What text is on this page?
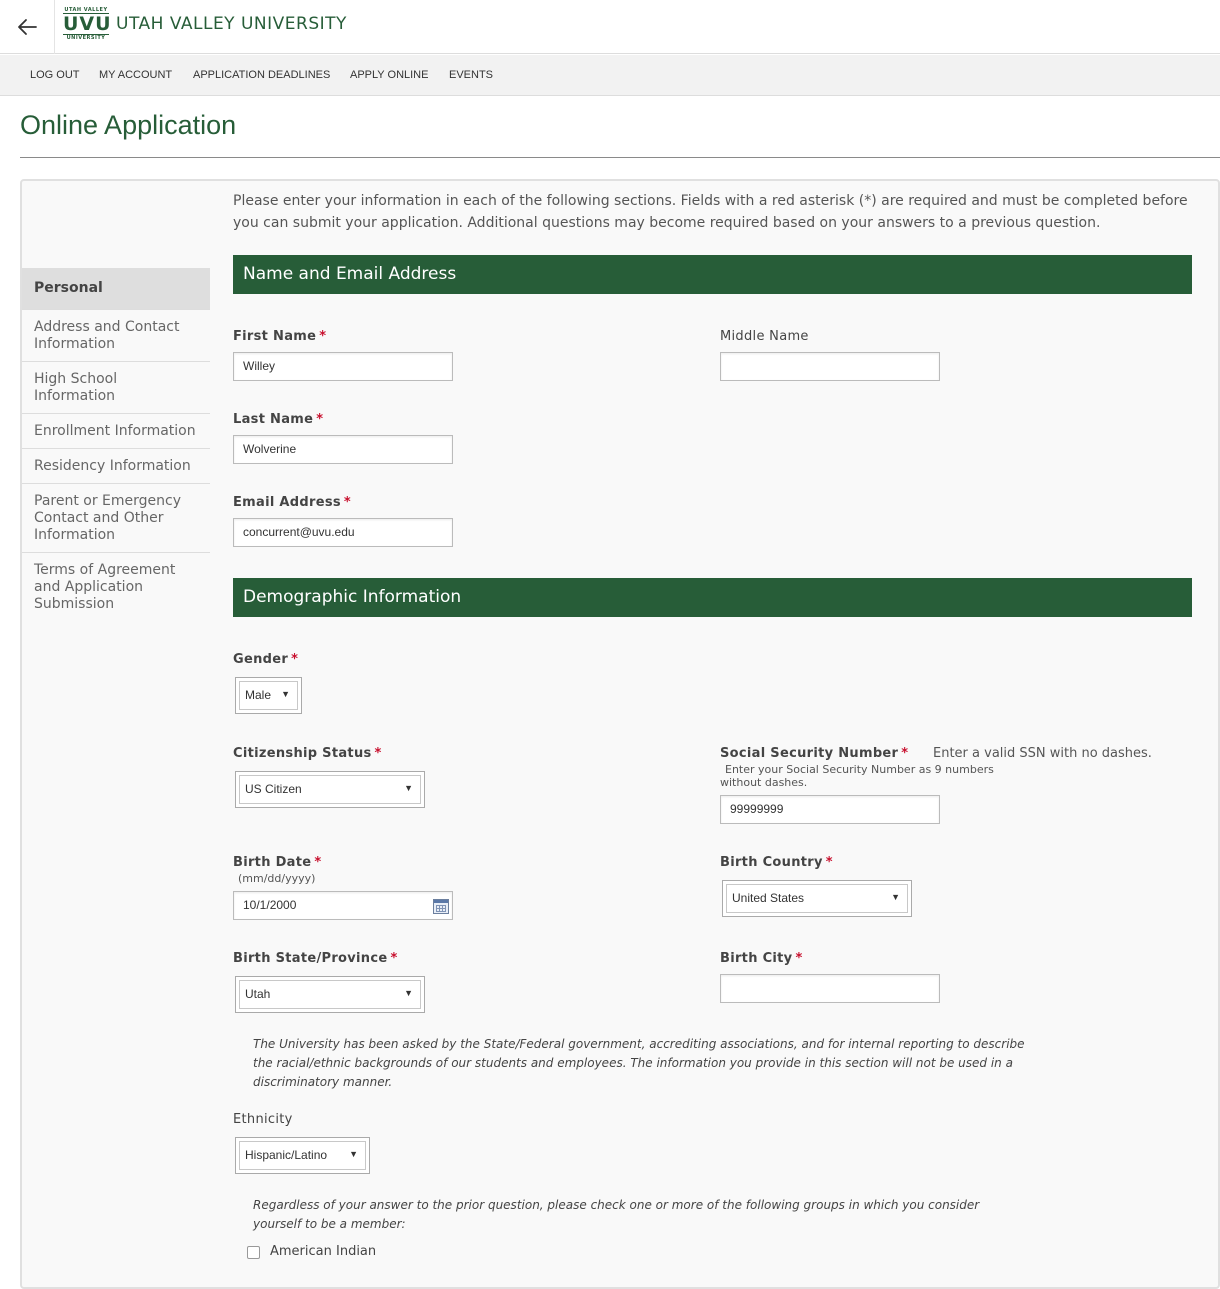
UTAH VALLEY
UVU
UNIVERSITY
UTAH VALLEY UNIVERSITY
LOG OUT MY ACCOUNT APPLICATION DEADLINES APPLY ONLINE EVENTS
Online Application
Personal
Address and Contact Information
High School Information
Enrollment Information
Residency Information
Parent or Emergency Contact and Other Information
Terms of Agreement and Application Submission
Please enter your information in each of the following sections. Fields with a red asterisk (*) are required and must be completed before you can submit your application. Additional questions may become required based on your answers to a previous question.
Name and Email Address
First Name *
Willey
Middle Name
Last Name *
Wolverine
Email Address *
concurrent@uvu.edu
Demographic Information
Gender *
Male ▼
Citizenship Status *
US Citizen	▼
Social Security Number * Enter a valid SSN with no dashes.
Enter your Social Security Number as 9 numbers without dashes.
99999999
Birth Date *
(mm/dd/yyyy)
10/1/2000
Birth Country *
United States	▼
Birth State/Province *
Utah	▼
Birth City *
The University has been asked by the State/Federal government, accrediting associations, and for internal reporting to describe the racial/ethnic backgrounds of our students and employees. The information you provide in this section will not be used in a discriminatory manner.
Ethnicity
Hispanic/Latino ▼
Regardless of your answer to the prior question, please check one or more of the following groups in which you consider yourself to be a member:
American Indian
